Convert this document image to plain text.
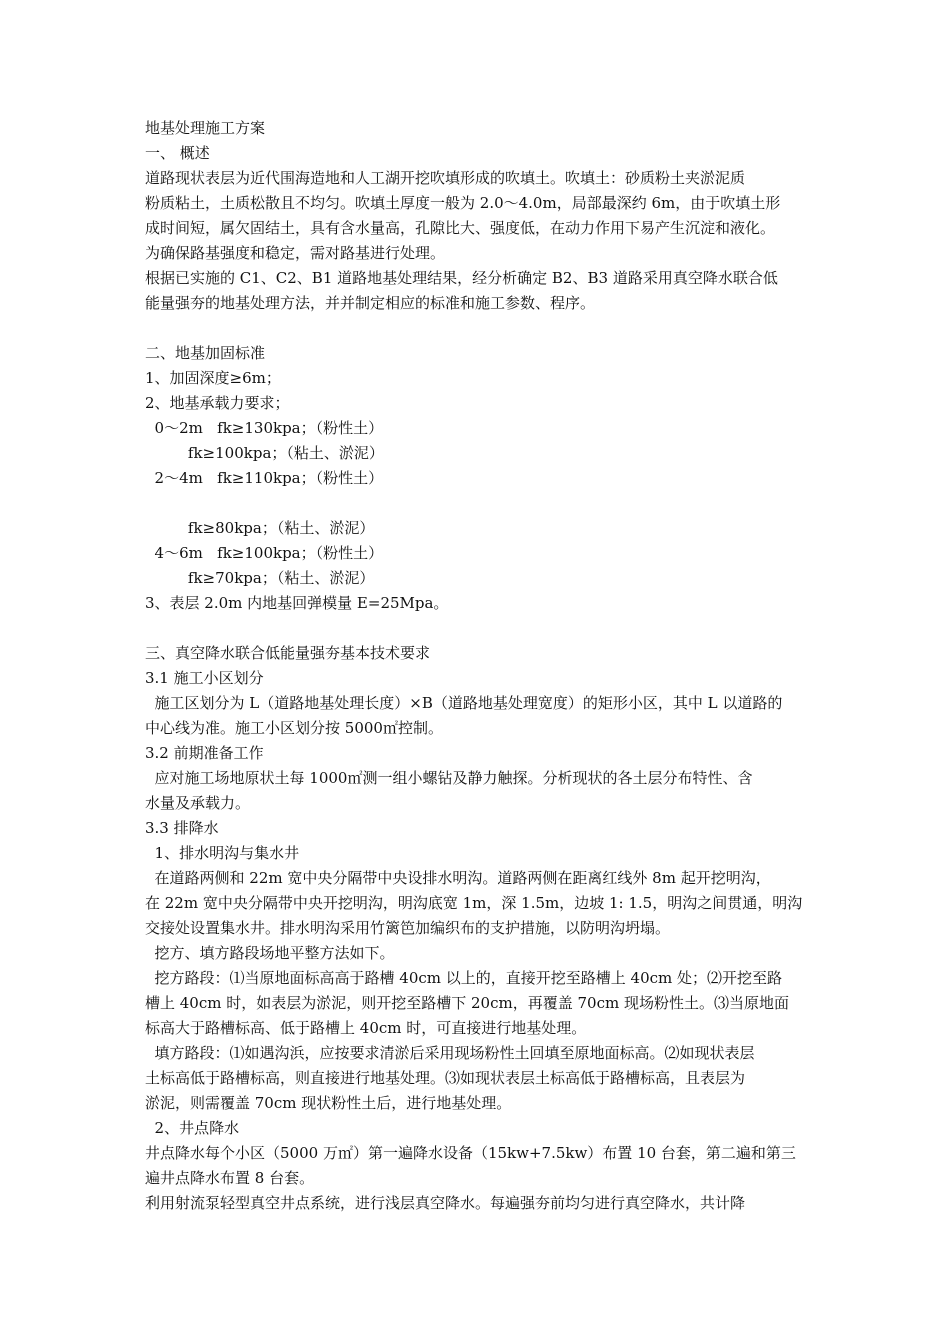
地基处理施工方案
一、 概述
道路现状表层为近代围海造地和人工湖开挖吹填形成的吹填土。吹填土：砂质粉土夹淤泥质
粉质粘土，土质松散且不均匀。吹填土厚度一般为 2.0～4.0m，局部最深约 6m，由于吹填土形
成时间短，属欠固结土，具有含水量高，孔隙比大、强度低，在动力作用下易产生沉淀和液化。
为确保路基强度和稳定，需对路基进行处理。
根据已实施的 C1、C2、B1 道路地基处理结果，经分析确定 B2、B3 道路采用真空降水联合低
能量强夯的地基处理方法，并并制定相应的标准和施工参数、程序。
二、地基加固标准
1、加固深度≥6m；
2、地基承载力要求；
0～2m   fk≥130kpa；（粉性土）
fk≥100kpa；（粘土、淤泥）
2～4m   fk≥110kpa；（粉性土）
fk≥80kpa；（粘土、淤泥）
4～6m   fk≥100kpa；（粉性土）
fk≥70kpa；（粘土、淤泥）
3、表层 2.0m 内地基回弹模量 E=25Mpa。
三、真空降水联合低能量强夯基本技术要求
3.1 施工小区划分
施工区划分为 L（道路地基处理长度）×B（道路地基处理宽度）的矩形小区，其中 L 以道路的
中心线为准。施工小区划分按 5000㎡控制。
3.2 前期准备工作
应对施工场地原状土每 1000㎡测一组小螺钻及静力触探。分析现状的各土层分布特性、含
水量及承载力。
3.3 排降水
1、排水明沟与集水井
在道路两侧和 22m 宽中央分隔带中央设排水明沟。道路两侧在距离红线外 8m 起开挖明沟，
在 22m 宽中央分隔带中央开挖明沟，明沟底宽 1m，深 1.5m，边坡 1: 1.5，明沟之间贯通，明沟
交接处设置集水井。排水明沟采用竹篱笆加编织布的支护措施，以防明沟坍塌。
挖方、填方路段场地平整方法如下。
挖方路段：⑴当原地面标高高于路槽 40cm 以上的，直接开挖至路槽上 40cm 处；⑵开挖至路
槽上 40cm 时，如表层为淤泥，则开挖至路槽下 20cm，再覆盖 70cm 现场粉性土。⑶当原地面
标高大于路槽标高、低于路槽上 40cm 时，可直接进行地基处理。
填方路段：⑴如遇沟浜，应按要求清淤后采用现场粉性土回填至原地面标高。⑵如现状表层
土标高低于路槽标高，则直接进行地基处理。⑶如现状表层土标高低于路槽标高，且表层为
淤泥，则需覆盖 70cm 现状粉性土后，进行地基处理。
2、井点降水
井点降水每个小区（5000 万㎡）第一遍降水设备（15kw+7.5kw）布置 10 台套，第二遍和第三
遍井点降水布置 8 台套。
利用射流泵轻型真空井点系统，进行浅层真空降水。每遍强夯前均匀进行真空降水，共计降
